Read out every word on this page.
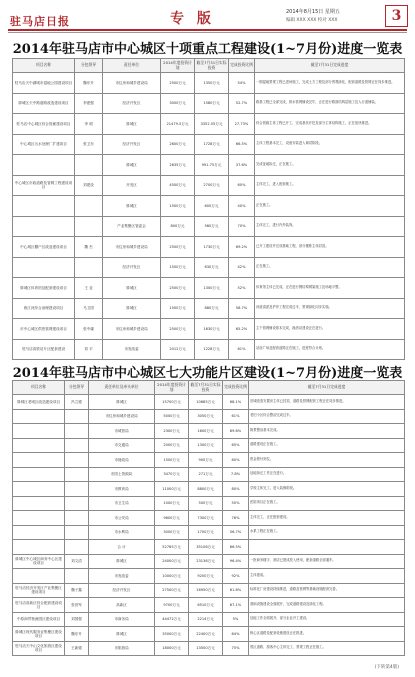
驻马店日报	专 版	2014年8月15日 星期五
编辑 XXX XXX 校对 XXX	3
2014年驻马店市中心城区十项重点工程建设(1~7月份)进度一览表
项目名称	分包领导	责任单位	2014年度投资计划	截至7月31日实际投资	完成投资比例	截至7月31日完成进度
驻马店天中湖城市湿地公园建设项目	魏东升	市住房和城乡建设局	2500万元	1350万元	54%	一期湿地景观工程已进场施工，完成土方工程及部分景观绿化，配套道路及管网正在同步推进。
驿城区天中路道路改造建设项目	李建强	经济开发区	3000万元	1580万元	52.7%	路基工程已全部完成，排水管网铺设完毕，正在进行路面结构层施工及人行道铺装。
驻马店中心城区综合管廊建设项目	李 明	驿城区	21479.5万元	3352.55万元	27.73%	综合管廊主体工程已开工，完成基坑开挖及部分主体结构施工，正在加快推进。
中心城区污水处理厂扩建项目	张卫东	经济开发区	2600万元	1728万元	66.5%	主体工程基本完工，设备安装进入调试阶段。
		驿城区	2635万元	991.75万元	37.6%	完成征地拆迁，正在施工。
中心城区市政道路及管网工程建设项目	刘建设	开发区	4500万元	2700万元	60%	主体完工，进入配套施工。
		驿城区	1500万元	600万元	40%	正在施工。
		产业集聚区管委会	800万元	560万元	70%	主体完工，进行内外装饰。
中心城区棚户区改造建设项目	魏 杰	市住房和城乡建设局	2500万元	1730万元	69.2%	已开工建设并完成基础工程，部分楼栋主体封顶。
		经济开发区	1500万元	630万元	42%	正在施工。
驿城区体育馆及配套建设项目	王 亚	驿城区	2500万元	1300万元	52%	体育馆主体已完成，正在进行钢结构网架施工及场地平整。
练江河综合治理建设项目	马卫国	驿城区	1500万元	880万元	58.7%	河道清淤及护岸工程完成过半，景观绿化同步实施。
市中心城区供热管网建设项目	张中庸	市住房和城乡建设局	2500万元	1630万元	65.2%	主干管网铺设基本完成，换热站建设正在进行。
驻马店高铁站片区配套建设	刘 平	市发改委	2012万元	1228万元	61%	站前广场及配套道路正在施工，进度符合计划。
2014年驻马店市中心城区七大功能片区建设(1~7月份)进度一览表
项目名称	分包领导	责任单位及牵头单位	2014年度投资计划	截至7月31日实际投资	完成投资比例	截至7月31日完成进度
驿城区老城区改造建设项目	冯立德	驿城区	15700万元	10685万元	68.1%	旧城改造安置房主体已封顶，道路及管网配套工程正在同步推进。
		市住房和城乡建设局	5000万元	3050万元	61%	老旧小区综合整治完成过半。
		市城管局	2300万元	1600万元	69.6%	街景整治基本完成。
		市交通局	2000万元	1300万元	65%	道路建设正在施工。
		市财政局	1500万元	900万元	60%	资金拨付到位。
		市国土资源局	3470万元	271万元	7.8%	征地拆迁工作正在进行。
		市教育局	11000万元	8800万元	80%	学校主体完工，进入装修阶段。
		市卫生局	1000万元	500万元	50%	医院项目正在施工。
		市公安局	9600万元	7300万元	76%	主体完工，正在配套建设。
		市水利局	3000万元	1700万元	56.7%	水系工程正在施工。
		合 计	52765万元	35106万元	66.5%	
驿城区中心城区商务中心区建设项目	刘文清	驿城区	24000万元	23136万元	96.4%	一批商务楼宇、酒店已建成投入使用，配套道路全部通车。
		市发改委	10000万元	9200万元	92%	主体建成。
驻马店经济开发区产业集聚区建设项目	魏子鑫	经济开发区	27500万元	16950万元	61.6%	标准化厂房建设持续推进，道路及管网等基础设施配套完善。
驻马店高新区综合配套建设项目	张世军	高新区	9700万元	6510万元	67.1%	基础设施建设全面展开，完成道路建设及绿化工程。
中原商贸物流园区建设项目	刘国强	市商务局	44472万元	2214万元	5%	征地工作全面展开，部分企业开工建设。
驿城区现代服务业集聚区建设项目	魏东升	驿城区	35000万元	22400万元	64%	核心区道路及配套设施建设正在推进。
驻马店天中山文化旅游区建设项目	王新德	市旅游局	18000万元	13500万元	75%	景区道路、游客中心主体完工，景观工程正在施工。
(下转第4版)
